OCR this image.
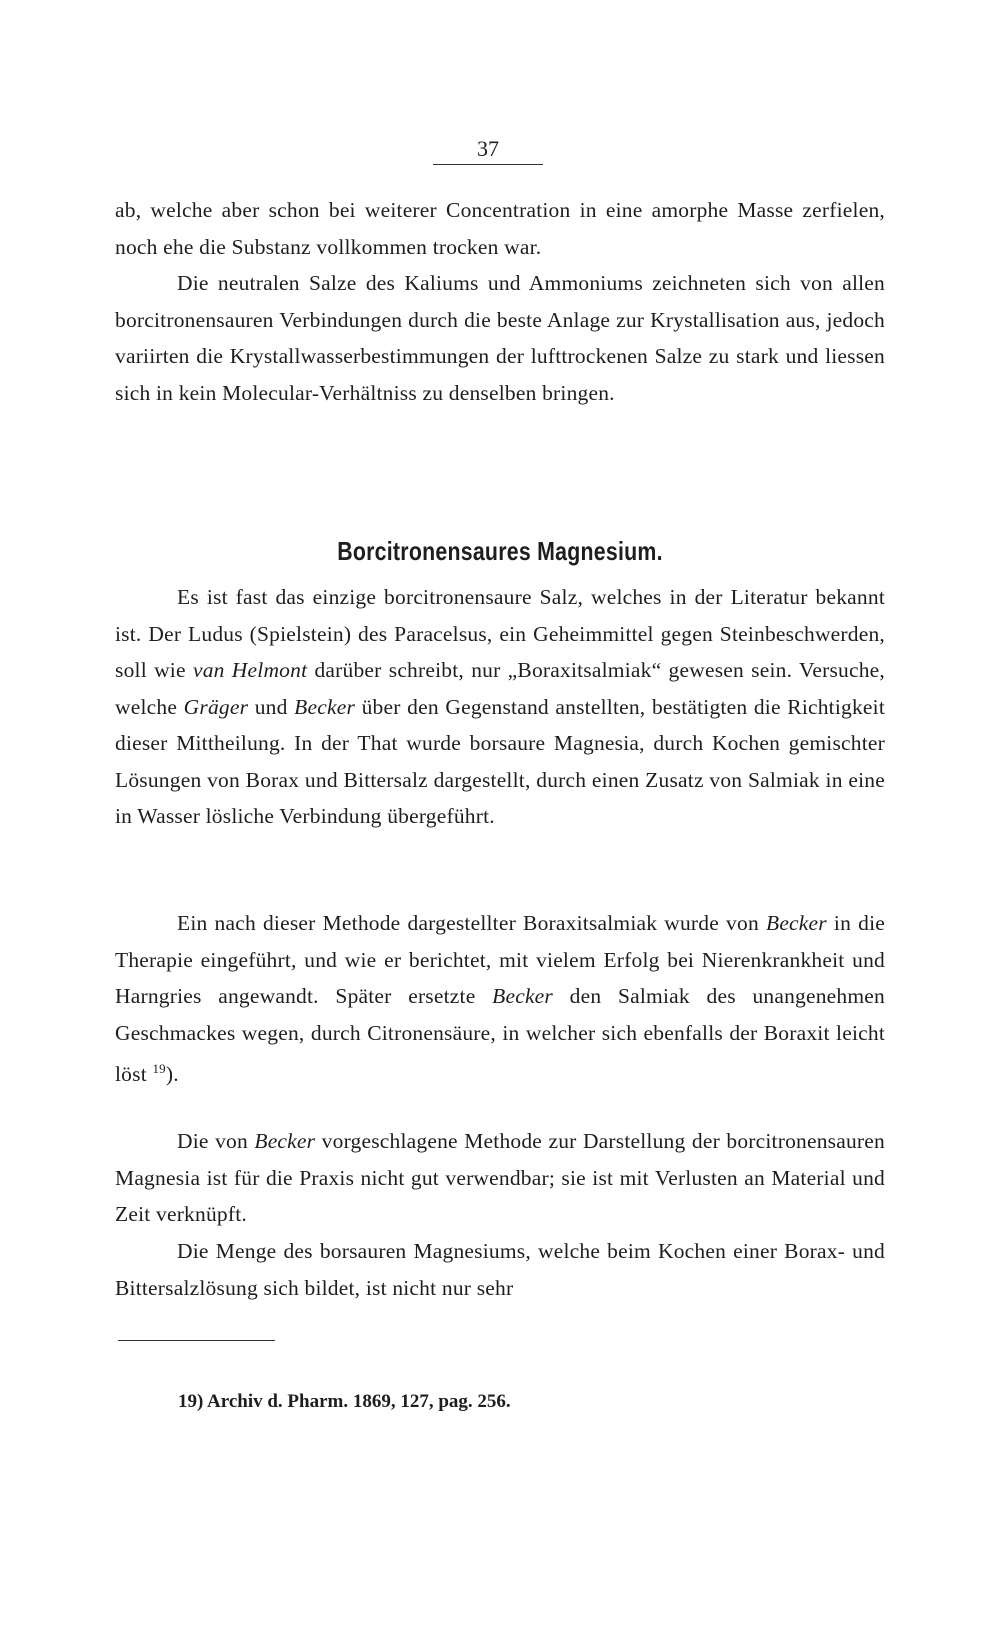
37

ab, welche aber schon bei weiterer Concentration in eine amorphe Masse zerfielen, noch ehe die Substanz vollkommen trocken war.

Die neutralen Salze des Kaliums und Ammoniums zeichneten sich von allen borcitronensauren Verbindungen durch die beste Anlage zur Krystallisation aus, jedoch variirten die Krystallwasserbestimmungen der lufttrockenen Salze zu stark und liessen sich in kein Molecular-Verhältniss zu denselben bringen.

Borcitronensaures Magnesium.

Es ist fast das einzige borcitronensaure Salz, welches in der Literatur bekannt ist. Der Ludus (Spielstein) des Paracelsus, ein Geheimmittel gegen Steinbeschwerden, soll wie van Helmont darüber schreibt, nur „Boraxitsalmiak“ gewesen sein. Versuche, welche Gräger und Becker über den Gegenstand anstellten, bestätigten die Richtigkeit dieser Mittheilung. In der That wurde borsaure Magnesia, durch Kochen gemischter Lösungen von Borax und Bittersalz dargestellt, durch einen Zusatz von Salmiak in eine in Wasser lösliche Verbindung übergeführt.

Ein nach dieser Methode dargestellter Boraxitsalmiak wurde von Becker in die Therapie eingeführt, und wie er berichtet, mit vielem Erfolg bei Nierenkrankheit und Harngries angewandt. Später ersetzte Becker den Salmiak des unangenehmen Geschmackes wegen, durch Citronensäure, in welcher sich ebenfalls der Boraxit leicht löst $^{19}$).

Die von Becker vorgeschlagene Methode zur Darstellung der borcitronensauren Magnesia ist für die Praxis nicht gut verwendbar; sie ist mit Verlusten an Material und Zeit verknüpft.

Die Menge des borsauren Magnesiums, welche beim Kochen einer Borax- und Bittersalzlösung sich bildet, ist nicht nur sehr

19) Archiv d. Pharm. 1869, 127, pag. 256.
